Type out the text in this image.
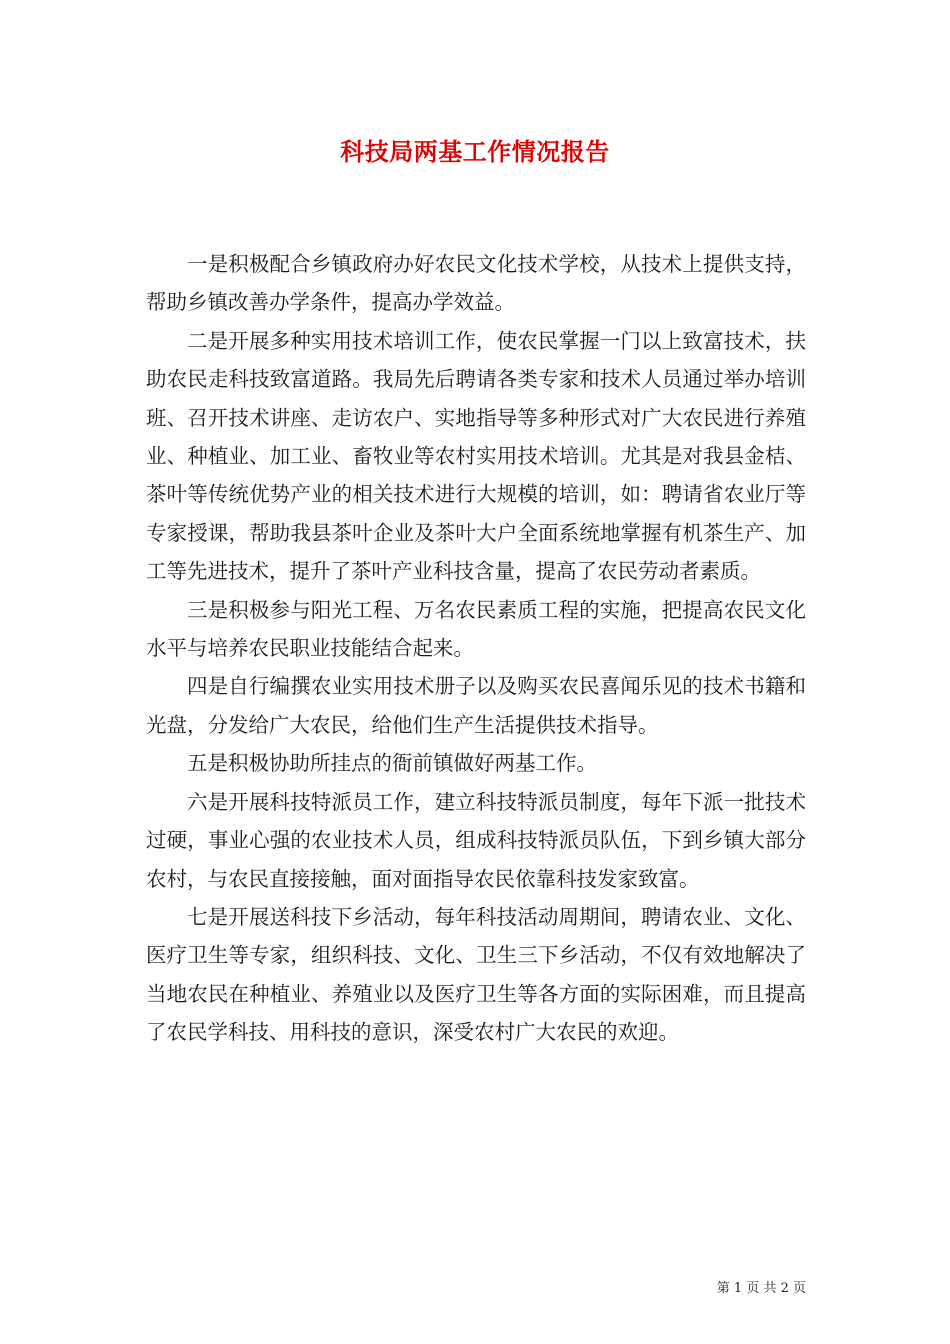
科技局两基工作情况报告

一是积极配合乡镇政府办好农民文化技术学校，从技术上提供支持，帮助乡镇改善办学条件，提高办学效益。

二是开展多种实用技术培训工作，使农民掌握一门以上致富技术，扶助农民走科技致富道路。我局先后聘请各类专家和技术人员通过举办培训班、召开技术讲座、走访农户、实地指导等多种形式对广大农民进行养殖业、种植业、加工业、畜牧业等农村实用技术培训。尤其是对我县金桔、茶叶等传统优势产业的相关技术进行大规模的培训，如：聘请省农业厅等专家授课，帮助我县茶叶企业及茶叶大户全面系统地掌握有机茶生产、加工等先进技术，提升了茶叶产业科技含量，提高了农民劳动者素质。

三是积极参与阳光工程、万名农民素质工程的实施，把提高农民文化水平与培养农民职业技能结合起来。

四是自行编撰农业实用技术册子以及购买农民喜闻乐见的技术书籍和光盘，分发给广大农民，给他们生产生活提供技术指导。

五是积极协助所挂点的衙前镇做好两基工作。

六是开展科技特派员工作，建立科技特派员制度，每年下派一批技术过硬，事业心强的农业技术人员，组成科技特派员队伍，下到乡镇大部分农村，与农民直接接触，面对面指导农民依靠科技发家致富。

七是开展送科技下乡活动，每年科技活动周期间，聘请农业、文化、医疗卫生等专家，组织科技、文化、卫生三下乡活动，不仅有效地解决了当地农民在种植业、养殖业以及医疗卫生等各方面的实际困难，而且提高了农民学科技、用科技的意识，深受农村广大农民的欢迎。

第 1 页 共 2 页
